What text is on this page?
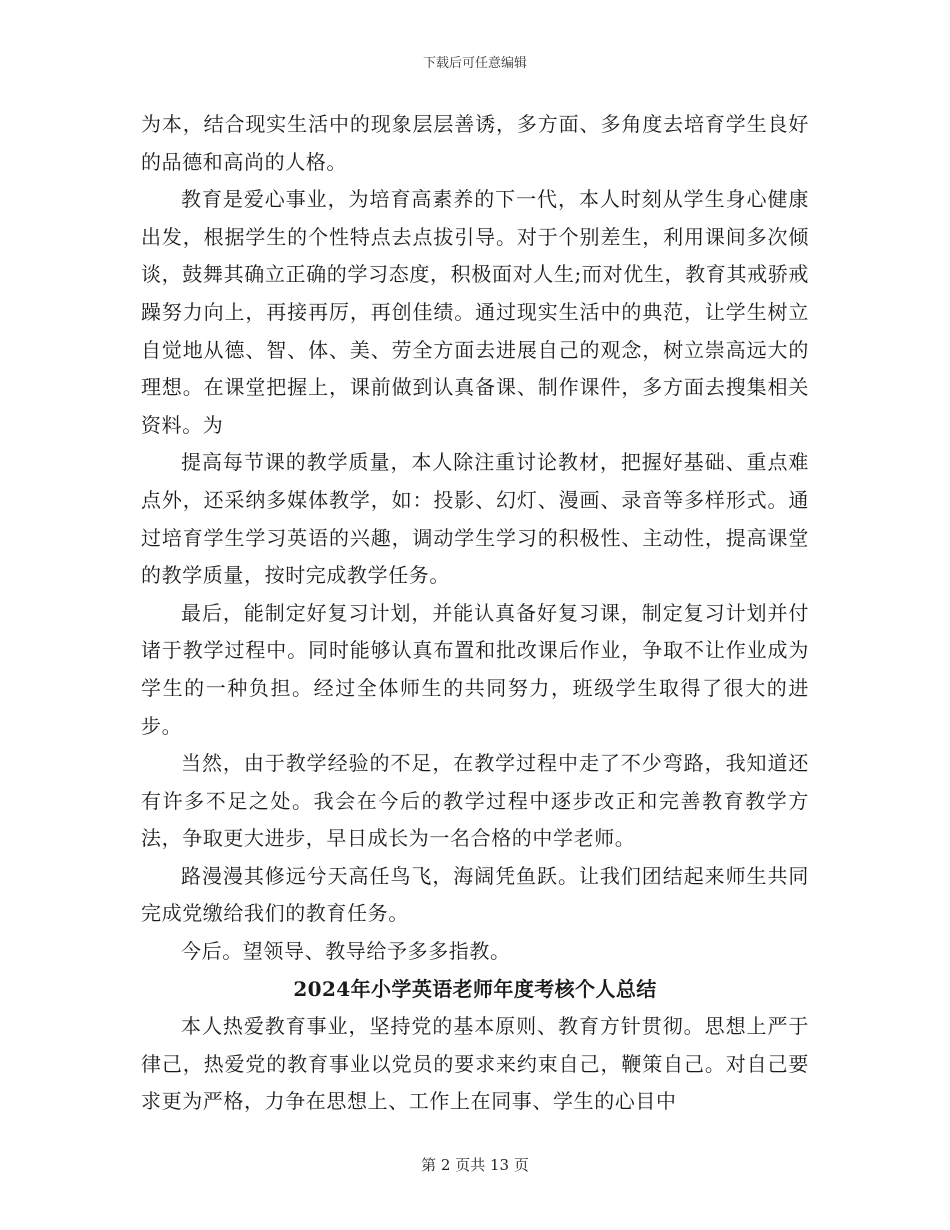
下载后可任意编辑

为本，结合现实生活中的现象层层善诱，多方面、多角度去培育学生良好的品德和高尚的人格。

教育是爱心事业，为培育高素养的下一代，本人时刻从学生身心健康出发，根据学生的个性特点去点拔引导。对于个别差生，利用课间多次倾谈，鼓舞其确立正确的学习态度，积极面对人生;而对优生，教育其戒骄戒躁努力向上，再接再厉，再创佳绩。通过现实生活中的典范，让学生树立自觉地从德、智、体、美、劳全方面去进展自己的观念，树立崇高远大的理想。在课堂把握上，课前做到认真备课、制作课件，多方面去搜集相关资料。为

提高每节课的教学质量，本人除注重讨论教材，把握好基础、重点难点外，还采纳多媒体教学，如：投影、幻灯、漫画、录音等多样形式。通过培育学生学习英语的兴趣，调动学生学习的积极性、主动性，提高课堂的教学质量，按时完成教学任务。

最后，能制定好复习计划，并能认真备好复习课，制定复习计划并付诸于教学过程中。同时能够认真布置和批改课后作业，争取不让作业成为学生的一种负担。经过全体师生的共同努力，班级学生取得了很大的进步。

当然，由于教学经验的不足，在教学过程中走了不少弯路，我知道还有许多不足之处。我会在今后的教学过程中逐步改正和完善教育教学方法，争取更大进步，早日成长为一名合格的中学老师。

路漫漫其修远兮天高任鸟飞，海阔凭鱼跃。让我们团结起来师生共同完成党缴给我们的教育任务。

今后。望领导、教导给予多多指教。

2024年小学英语老师年度考核个人总结

本人热爱教育事业，坚持党的基本原则、教育方针贯彻。思想上严于律己，热爱党的教育事业以党员的要求来约束自己，鞭策自己。对自己要求更为严格，力争在思想上、工作上在同事、学生的心目中

第 2 页共 13 页
